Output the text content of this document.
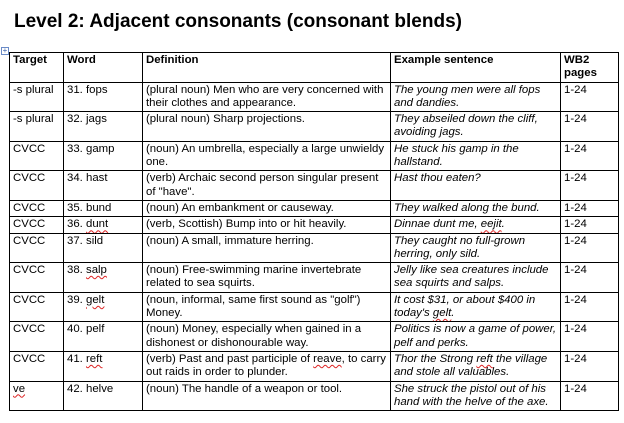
Level 2: Adjacent consonants (consonant blends)
+
Target	Word	Definition	Example sentence	WB2 pages
-s plural	31. fops	(plural noun) Men who are very concerned with their clothes and appearance.	The young men were all fops and dandies.	1-24
-s plural	32. jags	(plural noun) Sharp projections.	They abseiled down the cliff, avoiding jags.	1-24
CVCC	33. gamp	(noun) An umbrella, especially a large unwieldy one.	He stuck his gamp in the hallstand.	1-24
CVCC	34. hast	(verb) Archaic second person singular present of "have".	Hast thou eaten?	1-24
CVCC	35. bund	(noun) An embankment or causeway.	They walked along the bund.	1-24
CVCC	36. dunt	(verb, Scottish) Bump into or hit heavily.	Dinnae dunt me, eejit.	1-24
CVCC	37. sild	(noun) A small, immature herring.	They caught no full-grown herring, only sild.	1-24
CVCC	38. salp	(noun) Free-swimming marine invertebrate related to sea squirts.	Jelly like sea creatures include sea squirts and salps.	1-24
CVCC	39. gelt	(noun, informal, same first sound as "golf") Money.	It cost $31, or about $400 in today's gelt.	1-24
CVCC	40. pelf	(noun) Money, especially when gained in a dishonest or dishonourable way.	Politics is now a game of power, pelf and perks.	1-24
CVCC	41. reft	(verb) Past and past participle of reave, to carry out raids in order to plunder.	Thor the Strong reft the village and stole all valuables.	1-24
ve	42. helve	(noun) The handle of a weapon or tool.	She struck the pistol out of his hand with the helve of the axe.	1-24
